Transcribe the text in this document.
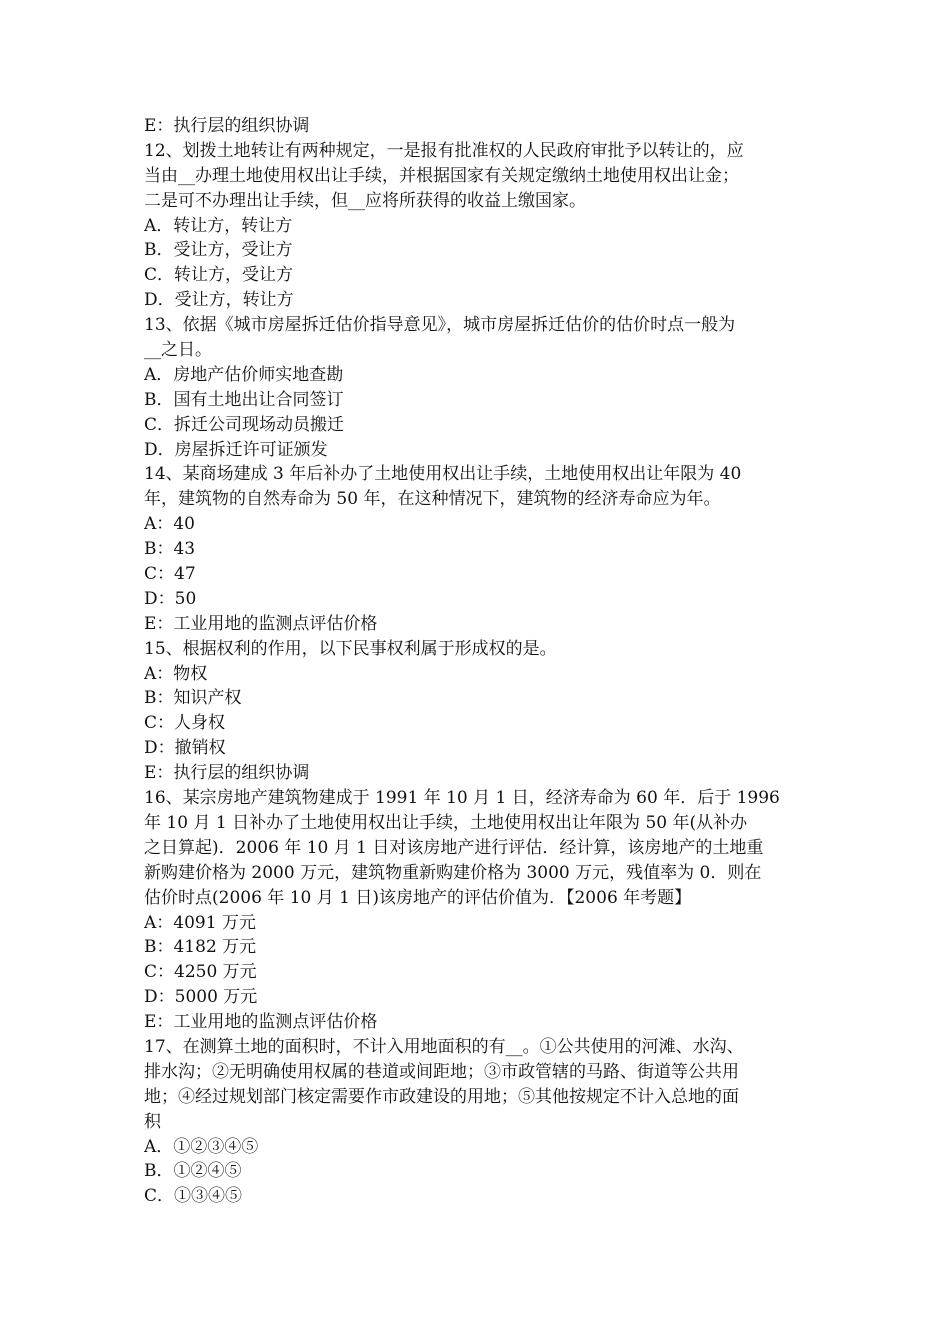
E：执行层的组织协调
12、划拨土地转让有两种规定，一是报有批准权的人民政府审批予以转让的，应
当由__办理土地使用权出让手续，并根据国家有关规定缴纳土地使用权出让金；
二是可不办理出让手续，但__应将所获得的收益上缴国家。
A．转让方，转让方
B．受让方，受让方
C．转让方，受让方
D．受让方，转让方
13、依据《城市房屋拆迁估价指导意见》，城市房屋拆迁估价的估价时点一般为
__之日。
A．房地产估价师实地查勘
B．国有土地出让合同签订
C．拆迁公司现场动员搬迁
D．房屋拆迁许可证颁发
14、某商场建成 3 年后补办了土地使用权出让手续，土地使用权出让年限为 40
年，建筑物的自然寿命为 50 年，在这种情况下，建筑物的经济寿命应为年。
A：40
B：43
C：47
D：50
E：工业用地的监测点评估价格
15、根据权利的作用，以下民事权利属于形成权的是。
A：物权
B：知识产权
C：人身权
D：撤销权
E：执行层的组织协调
16、某宗房地产建筑物建成于 1991 年 10 月 1 日，经济寿命为 60 年．后于 1996
年 10 月 1 日补办了土地使用权出让手续，土地使用权出让年限为 50 年(从补办
之日算起)．2006 年 10 月 1 日对该房地产进行评估．经计算，该房地产的土地重
新购建价格为 2000 万元，建筑物重新购建价格为 3000 万元，残值率为 0．则在
估价时点(2006 年 10 月 1 日)该房地产的评估价值为．【2006 年考题】
A：4091 万元
B：4182 万元
C：4250 万元
D：5000 万元
E：工业用地的监测点评估价格
17、在测算土地的面积时，不计入用地面积的有__。①公共使用的河滩、水沟、
排水沟；②无明确使用权属的巷道或间距地；③市政管辖的马路、街道等公共用
地；④经过规划部门核定需要作市政建设的用地；⑤其他按规定不计入总地的面
积
A．①②③④⑤
B．①②④⑤
C．①③④⑤
